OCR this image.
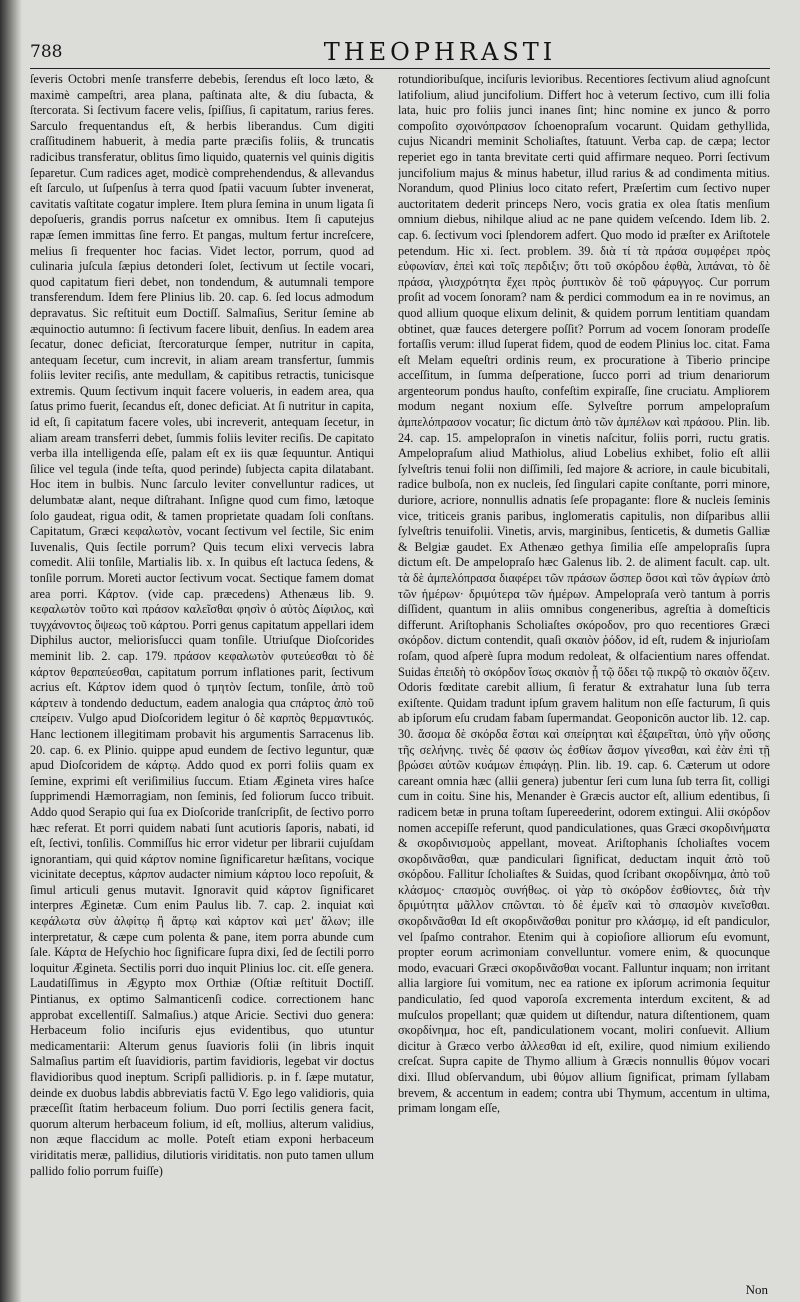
788	THEOPHRASTI

ſeveris Octobri menſe transferre debebis, ſerendus eſt loco læto, & maximè campeſtri, area plana, paſtinata alte, & diu ſubacta, & ſtercorata. Si ſectivum facere velis, ſpiſſius, ſi capitatum, rarius feres. Sarculo frequentandus eſt, & herbis liberandus. Cum digiti craſſitudinem habuerit, à media parte præciſis foliis, & truncatis radicibus transferatur, oblitus ſimo liquido, quaternis vel quinis digitis ſeparetur. Cum radices aget, modicè comprehendendus, & allevandus eſt ſarculo, ut ſuſpenſus à terra quod ſpatii vacuum ſubter invenerat, cavitatis vaſtitate cogatur implere. Item plura ſemina in unum ligata ſi depoſueris, grandis porrus naſcetur ex omnibus. Item ſi caputejus rapæ ſemen immittas ſine ferro. Et pangas, multum fertur increſcere, melius ſi frequenter hoc facias. Videt lector, porrum, quod ad culinaria juſcula ſæpius detonderi ſolet, ſectivum ut ſectile vocari, quod capitatum fieri debet, non tondendum, & autumnali tempore transferendum. Idem fere Plinius lib. 20. cap. 6. ſed locus admodum depravatus. Sic reſtituit eum Doctiſſ. Salmaſius, Seritur ſemine ab æquinoctio autumno: ſi ſectivum facere libuit, denſius. In eadem area ſecatur, donec deficiat, ſtercoraturque ſemper, nutritur in capita, antequam ſecetur, cum increvit, in aliam aream transfertur, ſummis foliis leviter reciſis, ante medullam, & capitibus retractis, tunicisque extremis. Quum ſectivum inquit facere volueris, in eadem area, qua ſatus primo fuerit, ſecandus eſt, donec deficiat. At ſi nutritur in capita, id eſt, ſi capitatum facere voles, ubi increverit, antequam ſecetur, in aliam aream transferri debet, ſummis foliis leviter reciſis. De capitato verba illa intelligenda eſſe, palam eſt ex iis quæ ſequuntur. Antiqui ſilice vel tegula (inde teſta, quod perinde) ſubjecta capita dilatabant. Hoc item in bulbis. Nunc ſarculo leviter convelluntur radices, ut delumbatæ alant, neque diſtrahant. Inſigne quod cum fimo, lætoque ſolo gaudeat, rigua odit, & tamen proprietate quadam ſoli conſtans. Capitatum, Græci κεφαλωτὸν, vocant ſectivum vel ſectile, Sic enim Iuvenalis, Quis ſectile porrum? Quis tecum elixi vervecis labra comedit. Alii tonſile, Martialis lib. x. In quibus eſt lactuca ſedens, & tonſile porrum. Moreti auctor ſectivum vocat. Sectique famem domat area porri. Κάρτον. (vide cap. præcedens) Athenæus lib. 9. κεφαλωτὸν τοῦτο καὶ πράσον καλεῖσθαι φησὶν ὁ αὐτὸς Δίφιλος, καὶ τυγχάνοντος ὄψεως τοῦ κάρτου. Porri genus capitatum appellari idem Diphilus auctor, meliorisſucci quam tonſile. Utriuſque Dioſcorides meminit lib. 2. cap. 179. πράσον κεφαλωτὸν φυτεύεσθαι τὸ δὲ κάρτον θεραπεύεσθαι, capitatum porrum inflationes parit, ſectivum acrius eſt. Κάρτον idem quod ὁ τμητὸν ſectum, tonſile, ἀπὸ τοῦ κάρτειν à tondendo deductum, eadem analogia qua ϲπάρτος ἀπὸ τοῦ ϲπείρειν. Vulgo apud Dioſcoridem legitur ὁ δὲ καρπὸς θερμαντικός. Hanc lectionem illegitimam probavit his argumentis Sarracenus lib. 20. cap. 6. ex Plinio. quippe apud eundem de ſectivo leguntur, quæ apud Dioſcoridem de κάρτῳ. Addo quod ex porri foliis quam ex ſemine, exprimi eſt veriſimilius ſuccum. Etiam Ægineta vires haſce ſupprimendi Hæmorragiam, non ſeminis, ſed foliorum ſucco tribuit. Addo quod Serapio qui ſua ex Dioſcoride tranſcripſit, de ſectivo porro hæc referat. Et porri quidem nabati ſunt acutioris ſaporis, nabati, id eſt, ſectivi, tonſilis. Commiſſus hic error videtur per librarii cujuſdam ignorantiam, qui quid κάρτον nomine ſignificaretur hæſitans, vocique vicinitate deceptus, κάρπον audacter nimium κάρτου loco repoſuit, & ſimul articuli genus mutavit. Ignoravit quid κάρτον ſignificaret interpres Æginetæ. Cum enim Paulus lib. 7. cap. 2. inquiat καὶ κεφάλωτα σὺν ἀλφίτῳ ἢ ἄρτῳ καὶ κάρτον καὶ μετ' ἄλων; ille interpretatur, & cæpe cum polenta & pane, item porra abunde cum ſale. Κάρτα de Heſychio hoc ſignificare ſupra dixi, ſed de ſectili porro loquitur Ægineta. Sectilis porri duo inquit Plinius loc. cit. eſſe genera. Laudatiſſimus in Ægypto mox Orthiæ (Oſtiæ reſtituit Doctiſſ. Pintianus, ex optimo Salmanticenſi codice. correctionem hanc approbat excellentiſſ. Salmaſius.) atque Aricie. Sectivi duo genera: Herbaceum folio inciſuris ejus evidentibus, quo utuntur medicamentarii: Alterum genus ſuavioris folii (in libris inquit Salmaſius partim eſt ſuavidioris, partim favidioris, legebat vir doctus flavidioribus quod ineptum. Scripſi pallidioris. p. in f. ſæpe mutatur, deinde ex duobus labdis abbreviatis factū V. Ego lego validioris, quia præceſſit ſtatim herbaceum folium. Duo porri ſectilis genera facit, quorum alterum herbaceum folium, id eſt, mollius, alterum validius, non æque flaccidum ac molle. Poteſt etiam exponi herbaceum viriditatis meræ, pallidius, dilutioris viriditatis. non puto tamen ullum pallido folio porrum fuiſſe)

rotundioribuſque, inciſuris levioribus. Recentiores ſectivum aliud agnoſcunt latifolium, aliud juncifolium. Differt hoc à veterum ſectivo, cum illi folia lata, huic pro foliis junci inanes ſint; hinc nomine ex junco & porro compoſito σχοινόπρασον ſchoenopraſum vocarunt. Quidam gethyllida, cujus Nicandri meminit Scholiaſtes, ſtatuunt. Verba cap. de cæpa; lector reperiet ego in tanta brevitate certi quid affirmare nequeo. Porri ſectivum juncifolium majus & minus habetur, illud rarius & ad condimenta mitius. Norandum, quod Plinius loco citato refert, Præſertim cum ſectivo nuper auctoritatem dederit princeps Nero, vocis gratia ex olea ſtatis menſium omnium diebus, nihilque aliud ac ne pane quidem veſcendo. Idem lib. 2. cap. 6. ſectivum voci ſplendorem adfert. Quo modo id præſter ex Ariſtotele petendum. Hic xi. ſect. problem. 39. διὰ τί τὰ πράσα συμφέρει πρὸς εὐφωνίαν, ἐπεὶ καὶ τοῖς περδιξιν; ὅτι τοῦ σκόρδου ἑφθὰ, λιπάναι, τὸ δὲ πράσα, γλισχρότητα ἔχει πρὸς ῥυπτικὸν δὲ τοῦ φάρυγγος. Cur porrum proſit ad vocem ſonoram? nam & perdici commodum ea in re novimus, an quod allium quoque elixum delinit, & quidem porrum lentitiam quandam obtinet, quæ fauces detergere poſſit? Porrum ad vocem ſonoram prodeſſe fortaſſis verum: illud ſuperat fidem, quod de eodem Plinius loc. citat. Fama eſt Melam equeſtri ordinis reum, ex procuratione à Tiberio principe acceſſitum, in ſumma deſperatione, ſucco porri ad trium denariorum argenteorum pondus hauſto, confeſtim expiraſſe, ſine cruciatu. Ampliorem modum negant noxium eſſe. Sylveſtre porrum ampelopraſum ἀμπελόπρασον vocatur; ſic dictum ἀπὸ τῶν ἀμπέλων καὶ πράσου. Plin. lib. 24. cap. 15. ampelopraſon in vinetis naſcitur, foliis porri, ructu gratis. Ampelopraſum aliud Mathiolus, aliud Lobelius exhibet, folio eſt allii ſylveſtris tenui folii non diſſimili, ſed majore & acriore, in caule bicubitali, radice bulboſa, non ex nucleis, ſed ſingulari capite conſtante, porri minore, duriore, acriore, nonnullis adnatis ſeſe propagante: flore & nucleis ſeminis vice, triticeis granis paribus, inglomeratis capitulis, non diſparibus allii ſylveſtris tenuifolii. Vinetis, arvis, marginibus, ſenticetis, & dumetis Galliæ & Belgiæ gaudet. Ex Athenæo gethya ſimilia eſſe ampelopraſis ſupra dictum eſt. De ampelopraſo hæc Galenus lib. 2. de aliment facult. cap. ult. τὰ δὲ ἀμπελόπρασα διαφέρει τῶν πράσων ὥσπερ ὅσοι καὶ τῶν ἀγρίων ἀπὸ τῶν ἡμέρων· δριμύτερα τῶν ἡμέρων. Ampelopraſa verò tantum à porris diſſident, quantum in aliis omnibus congeneribus, agreſtia à domeſticis differunt. Ariſtophanis Scholiaſtes σκόροδον, pro quo recentiores Græci σκόρδον. dictum contendit, quaſi σκαιὸν ῥόδον, id eſt, rudem & injurioſam roſam, quod aſperè ſupra modum redoleat, & olfacientium nares offendat. Suidas ἐπειδὴ τὸ σκόρδον ἴσως σκαιὸν ᾖ τῷ ὄδει τῷ πικρῷ τὸ σκαιὸν ὄζειν. Odoris fœditate carebit allium, ſi feratur & extrahatur luna ſub terra exiſtente. Quidam tradunt ipſum gravem halitum non eſſe facturum, ſi quis ab ipſorum eſu crudam fabam ſupermandat. Geoponicōn auctor lib. 12. cap. 30. ἄσομα δὲ σκόρδα ἔσται καὶ σπείρηται καὶ ἐξαιρεῖται, ὑπὸ γῆν οὔσης τῆς σελήνης. τινὲς δέ φασιν ὡς ἐσθίων ἄσμον γίνεσθαι, καὶ ἐὰν ἐπὶ τῇ βρώσει αὐτῶν κυάμων ἐπιφάγῃ. Plin. lib. 19. cap. 6. Cæterum ut odore careant omnia hæc (allii genera) jubentur ſeri cum luna ſub terra ſit, colligi cum in coitu. Sine his, Menander è Græcis auctor eſt, allium edentibus, ſi radicem betæ in pruna toſtam ſupereederint, odorem extingui. Alii σκόρδον nomen accepiſſe referunt, quod pandiculationes, quas Græci σκορδινήματα & σκορδινισμοὺς appellant, moveat. Ariſtophanis ſcholiaſtes vocem σκορδινᾶσθαι, quæ pandiculari ſignificat, deductam inquit ἀπὸ τοῦ σκόρδου. Fallitur ſcholiaſtes & Suidas, quod ſcribant σκορδίνημα, ἀπὸ τοῦ κλάσμος· ϲπασμὸς συνήθως. οἱ γὰρ τὸ σκόρδον ἐσθίοντες, διὰ τὴν δριμύτητα μᾶλλον ϲπῶνται. τὸ δὲ ἐμεῖν καὶ τὸ σπασμὸν κινεῖσθαι. σκορδινᾶσθαι Id eſt σκορδινᾶσθαι ponitur pro κλάσμῳ, id eſt pandiculor, vel ſpaſmo contrahor. Etenim qui à copioſiore alliorum eſu evomunt, propter eorum acrimoniam convelluntur. vomere enim, & quocunque modo, evacuari Græci σκορδινᾶσθαι vocant. Falluntur inquam; non irritant allia largiore ſui vomitum, nec ea ratione ex ipſorum acrimonia ſequitur pandiculatio, ſed quod vaporoſa excrementa interdum excitent, & ad muſculos propellant; quæ quidem ut diſtendur, natura diſtentionem, quam σκορδίνημα, hoc eſt, pandiculationem vocant, moliri conſuevit. Allium dicitur à Græco verbo ἀλλεσθαι id eſt, exilire, quod nimium exiliendo creſcat. Supra capite de Thymo allium à Græcis nonnullis θύμον vocari dixi. Illud obſervandum, ubi θύμον allium ſignificat, primam ſyllabam brevem, & accentum in eadem; contra ubi Thymum, accentum in ultima, primam longam eſſe,

Non
